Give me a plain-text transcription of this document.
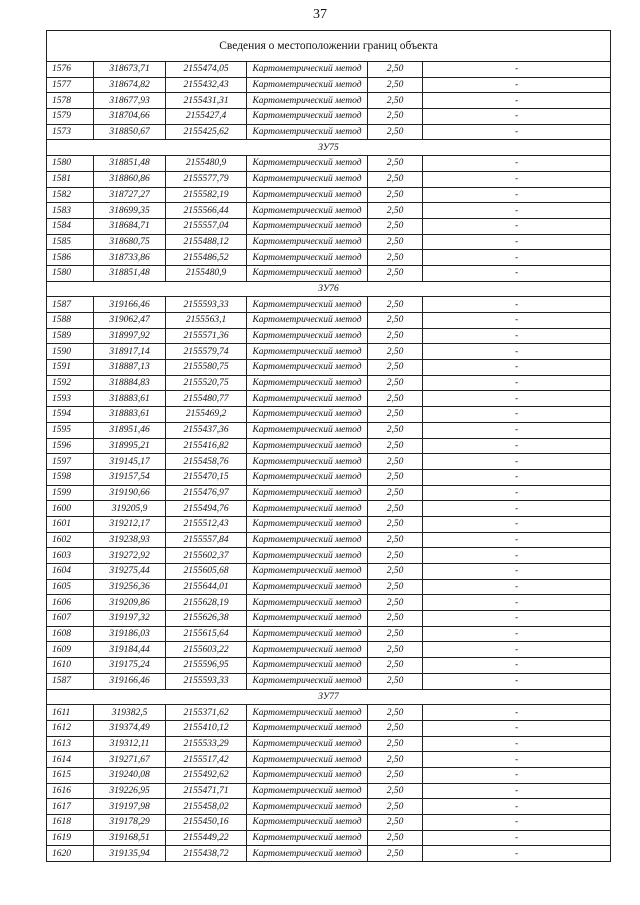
37
Сведения о местоположении границ объекта					
1576	318673,71	2155474,05	Картометрический метод	2,50	-
1577	318674,82	2155432,43	Картометрический метод	2,50	-
1578	318677,93	2155431,31	Картометрический метод	2,50	-
1579	318704,66	2155427,4	Картометрический метод	2,50	-
1573	318850,67	2155425,62	Картометрический метод	2,50	-
ЗУ75					
1580	318851,48	2155480,9	Картометрический метод	2,50	-
1581	318860,86	2155577,79	Картометрический метод	2,50	-
1582	318727,27	2155582,19	Картометрический метод	2,50	-
1583	318699,35	2155566,44	Картометрический метод	2,50	-
1584	318684,71	2155557,04	Картометрический метод	2,50	-
1585	318680,75	2155488,12	Картометрический метод	2,50	-
1586	318733,86	2155486,52	Картометрический метод	2,50	-
1580	318851,48	2155480,9	Картометрический метод	2,50	-
ЗУ76					
1587	319166,46	2155593,33	Картометрический метод	2,50	-
1588	319062,47	2155563,1	Картометрический метод	2,50	-
1589	318997,92	2155571,36	Картометрический метод	2,50	-
1590	318917,14	2155579,74	Картометрический метод	2,50	-
1591	318887,13	2155580,75	Картометрический метод	2,50	-
1592	318884,83	2155520,75	Картометрический метод	2,50	-
1593	318883,61	2155480,77	Картометрический метод	2,50	-
1594	318883,61	2155469,2	Картометрический метод	2,50	-
1595	318951,46	2155437,36	Картометрический метод	2,50	-
1596	318995,21	2155416,82	Картометрический метод	2,50	-
1597	319145,17	2155458,76	Картометрический метод	2,50	-
1598	319157,54	2155470,15	Картометрический метод	2,50	-
1599	319190,66	2155476,97	Картометрический метод	2,50	-
1600	319205,9	2155494,76	Картометрический метод	2,50	-
1601	319212,17	2155512,43	Картометрический метод	2,50	-
1602	319238,93	2155557,84	Картометрический метод	2,50	-
1603	319272,92	2155602,37	Картометрический метод	2,50	-
1604	319275,44	2155605,68	Картометрический метод	2,50	-
1605	319256,36	2155644,01	Картометрический метод	2,50	-
1606	319209,86	2155628,19	Картометрический метод	2,50	-
1607	319197,32	2155626,38	Картометрический метод	2,50	-
1608	319186,03	2155615,64	Картометрический метод	2,50	-
1609	319184,44	2155603,22	Картометрический метод	2,50	-
1610	319175,24	2155596,95	Картометрический метод	2,50	-
1587	319166,46	2155593,33	Картометрический метод	2,50	-
ЗУ77					
1611	319382,5	2155371,62	Картометрический метод	2,50	-
1612	319374,49	2155410,12	Картометрический метод	2,50	-
1613	319312,11	2155533,29	Картометрический метод	2,50	-
1614	319271,67	2155517,42	Картометрический метод	2,50	-
1615	319240,08	2155492,62	Картометрический метод	2,50	-
1616	319226,95	2155471,71	Картометрический метод	2,50	-
1617	319197,98	2155458,02	Картометрический метод	2,50	-
1618	319178,29	2155450,16	Картометрический метод	2,50	-
1619	319168,51	2155449,22	Картометрический метод	2,50	-
1620	319135,94	2155438,72	Картометрический метод	2,50	-
